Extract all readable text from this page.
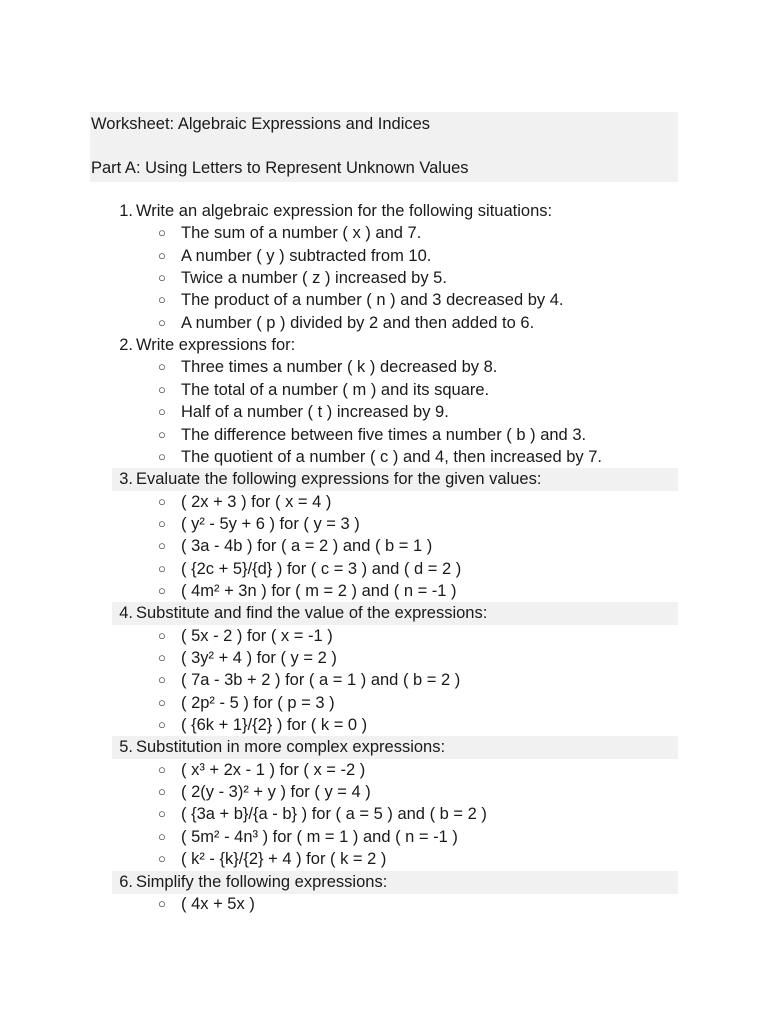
Worksheet: Algebraic Expressions and Indices
Part A: Using Letters to Represent Unknown Values
1. Write an algebraic expression for the following situations:
○ The sum of a number ( x ) and 7.
○ A number ( y ) subtracted from 10.
○ Twice a number ( z ) increased by 5.
○ The product of a number ( n ) and 3 decreased by 4.
○ A number ( p ) divided by 2 and then added to 6.
2. Write expressions for:
○ Three times a number ( k ) decreased by 8.
○ The total of a number ( m ) and its square.
○ Half of a number ( t ) increased by 9.
○ The difference between five times a number ( b ) and 3.
○ The quotient of a number ( c ) and 4, then increased by 7.
3. Evaluate the following expressions for the given values:
○ ( 2x + 3 ) for ( x = 4 )
○ ( y² - 5y + 6 ) for ( y = 3 )
○ ( 3a - 4b ) for ( a = 2 ) and ( b = 1 )
○ ( {2c + 5}/{d} ) for ( c = 3 ) and ( d = 2 )
○ ( 4m² + 3n ) for ( m = 2 ) and ( n = -1 )
4. Substitute and find the value of the expressions:
○ ( 5x - 2 ) for ( x = -1 )
○ ( 3y² + 4 ) for ( y = 2 )
○ ( 7a - 3b + 2 ) for ( a = 1 ) and ( b = 2 )
○ ( 2p² - 5 ) for ( p = 3 )
○ ( {6k + 1}/{2} ) for ( k = 0 )
5. Substitution in more complex expressions:
○ ( x³ + 2x - 1 ) for ( x = -2 )
○ ( 2(y - 3)² + y ) for ( y = 4 )
○ ( {3a + b}/{a - b} ) for ( a = 5 ) and ( b = 2 )
○ ( 5m² - 4n³ ) for ( m = 1 ) and ( n = -1 )
○ ( k² - {k}/{2} + 4 ) for ( k = 2 )
6. Simplify the following expressions:
○ ( 4x + 5x )
